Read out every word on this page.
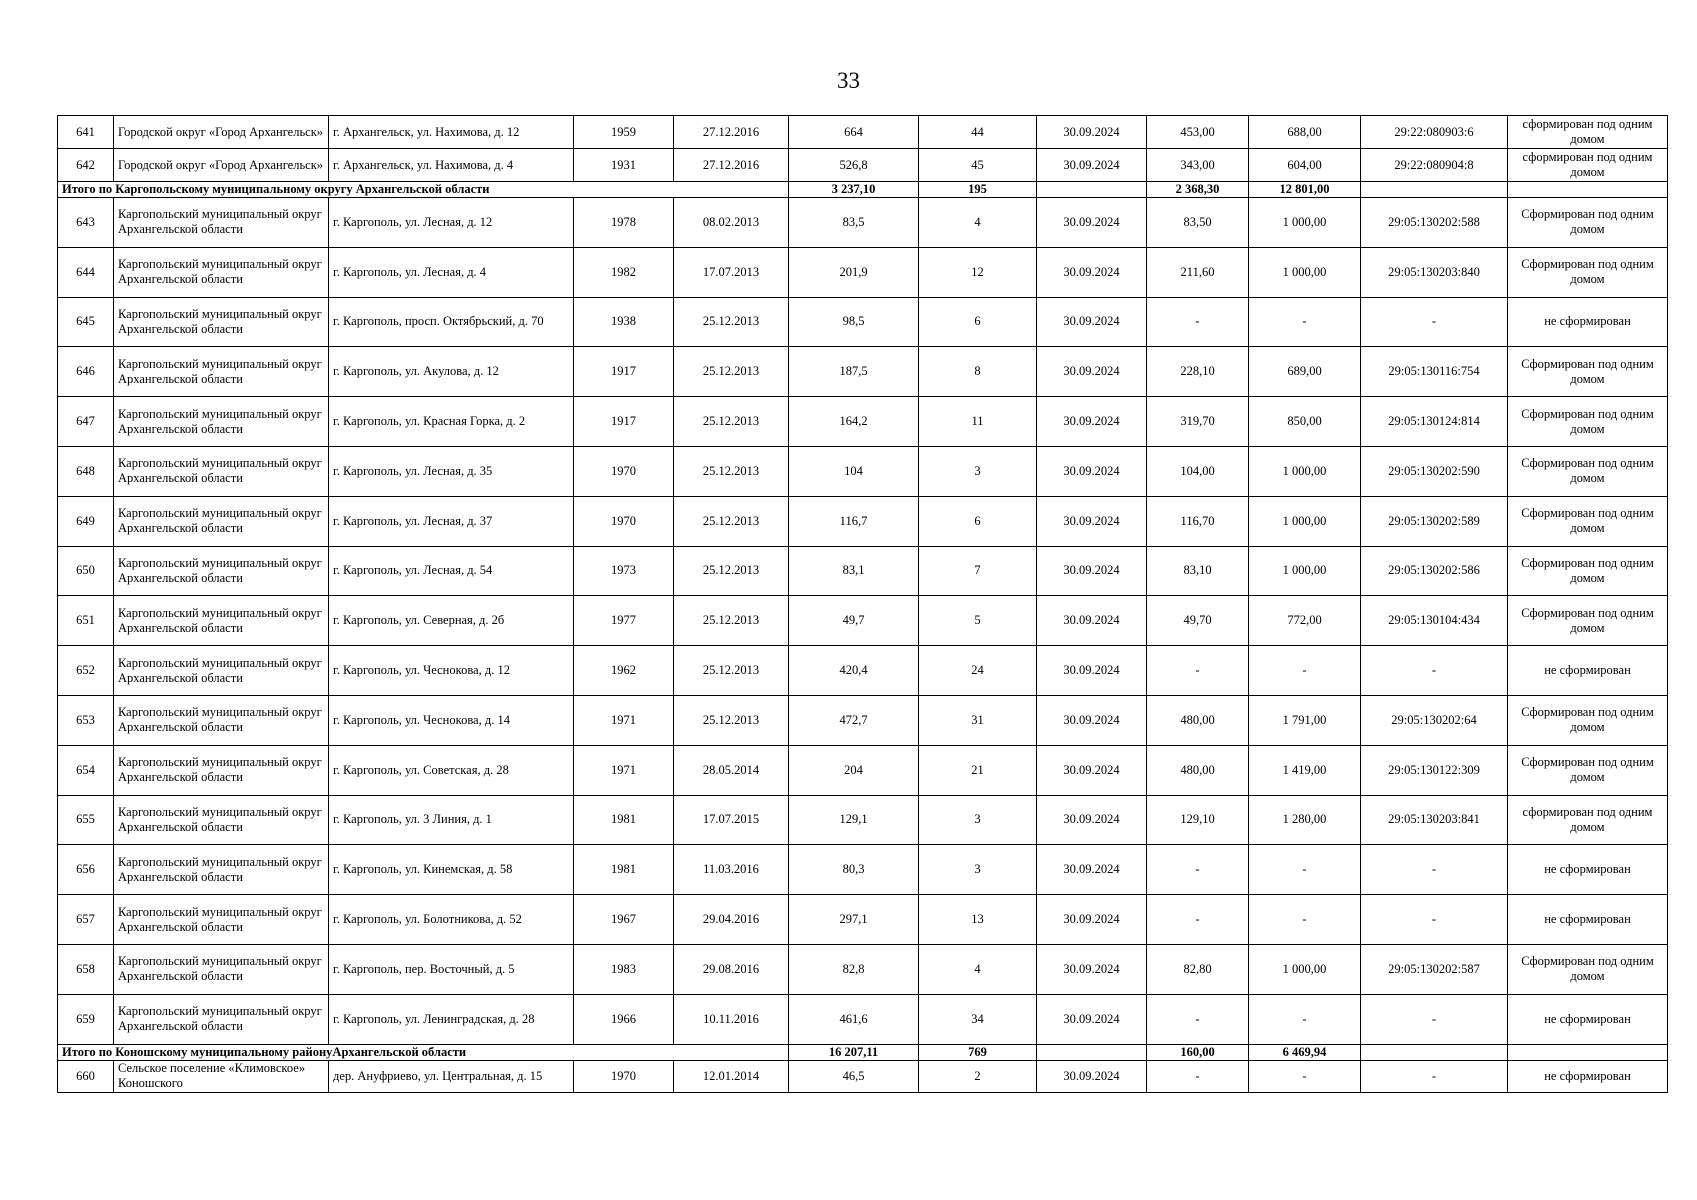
33
641	Городской округ «Город Архангельск»	г. Архангельск, ул. Нахимова, д. 12	1959	27.12.2016	664	44	30.09.2024	453,00	688,00	29:22:080903:6	сформирован под одним домом
642	Городской округ «Город Архангельск»	г. Архангельск, ул. Нахимова, д. 4	1931	27.12.2016	526,8	45	30.09.2024	343,00	604,00	29:22:080904:8	сформирован под одним домом
Итого по Каргопольскому муниципальному округу Архангельской области					3 237,10	195		2 368,30	12 801,00		
643	Каргопольский муниципальный округ Архангельской области	г. Каргополь, ул. Лесная, д. 12	1978	08.02.2013	83,5	4	30.09.2024	83,50	1 000,00	29:05:130202:588	Сформирован под одним домом
644	Каргопольский муниципальный округ Архангельской области	г. Каргополь, ул. Лесная, д. 4	1982	17.07.2013	201,9	12	30.09.2024	211,60	1 000,00	29:05:130203:840	Сформирован под одним домом
645	Каргопольский муниципальный округ Архангельской области	г. Каргополь, просп. Октябрьский, д. 70	1938	25.12.2013	98,5	6	30.09.2024	-	-	-	не сформирован
646	Каргопольский муниципальный округ Архангельской области	г. Каргополь, ул. Акулова, д. 12	1917	25.12.2013	187,5	8	30.09.2024	228,10	689,00	29:05:130116:754	Сформирован под одним домом
647	Каргопольский муниципальный округ Архангельской области	г. Каргополь, ул. Красная Горка, д. 2	1917	25.12.2013	164,2	11	30.09.2024	319,70	850,00	29:05:130124:814	Сформирован под одним домом
648	Каргопольский муниципальный округ Архангельской области	г. Каргополь, ул. Лесная, д. 35	1970	25.12.2013	104	3	30.09.2024	104,00	1 000,00	29:05:130202:590	Сформирован под одним домом
649	Каргопольский муниципальный округ Архангельской области	г. Каргополь, ул. Лесная, д. 37	1970	25.12.2013	116,7	6	30.09.2024	116,70	1 000,00	29:05:130202:589	Сформирован под одним домом
650	Каргопольский муниципальный округ Архангельской области	г. Каргополь, ул. Лесная, д. 54	1973	25.12.2013	83,1	7	30.09.2024	83,10	1 000,00	29:05:130202:586	Сформирован под одним домом
651	Каргопольский муниципальный округ Архангельской области	г. Каргополь, ул. Северная, д. 2б	1977	25.12.2013	49,7	5	30.09.2024	49,70	772,00	29:05:130104:434	Сформирован под одним домом
652	Каргопольский муниципальный округ Архангельской области	г. Каргополь, ул. Чеснокова, д. 12	1962	25.12.2013	420,4	24	30.09.2024	-	-	-	не сформирован
653	Каргопольский муниципальный округ Архангельской области	г. Каргополь, ул. Чеснокова, д. 14	1971	25.12.2013	472,7	31	30.09.2024	480,00	1 791,00	29:05:130202:64	Сформирован под одним домом
654	Каргопольский муниципальный округ Архангельской области	г. Каргополь, ул. Советская, д. 28	1971	28.05.2014	204	21	30.09.2024	480,00	1 419,00	29:05:130122:309	Сформирован под одним домом
655	Каргопольский муниципальный округ Архангельской области	г. Каргополь, ул. 3 Линия, д. 1	1981	17.07.2015	129,1	3	30.09.2024	129,10	1 280,00	29:05:130203:841	сформирован под одним домом
656	Каргопольский муниципальный округ Архангельской области	г. Каргополь, ул. Кинемская, д. 58	1981	11.03.2016	80,3	3	30.09.2024	-	-	-	не сформирован
657	Каргопольский муниципальный округ Архангельской области	г. Каргополь, ул. Болотникова, д. 52	1967	29.04.2016	297,1	13	30.09.2024	-	-	-	не сформирован
658	Каргопольский муниципальный округ Архангельской области	г. Каргополь, пер. Восточный, д. 5	1983	29.08.2016	82,8	4	30.09.2024	82,80	1 000,00	29:05:130202:587	Сформирован под одним домом
659	Каргопольский муниципальный округ Архангельской области	г. Каргополь, ул. Ленинградская, д. 28	1966	10.11.2016	461,6	34	30.09.2024	-	-	-	не сформирован
Итого по Коношскому муниципальному районуАрхангельской области					16 207,11	769		160,00	6 469,94		
660	Сельское поселение «Климовское» Коношского	дер. Ануфриево, ул. Центральная, д. 15	1970	12.01.2014	46,5	2	30.09.2024	-	-	-	не сформирован
